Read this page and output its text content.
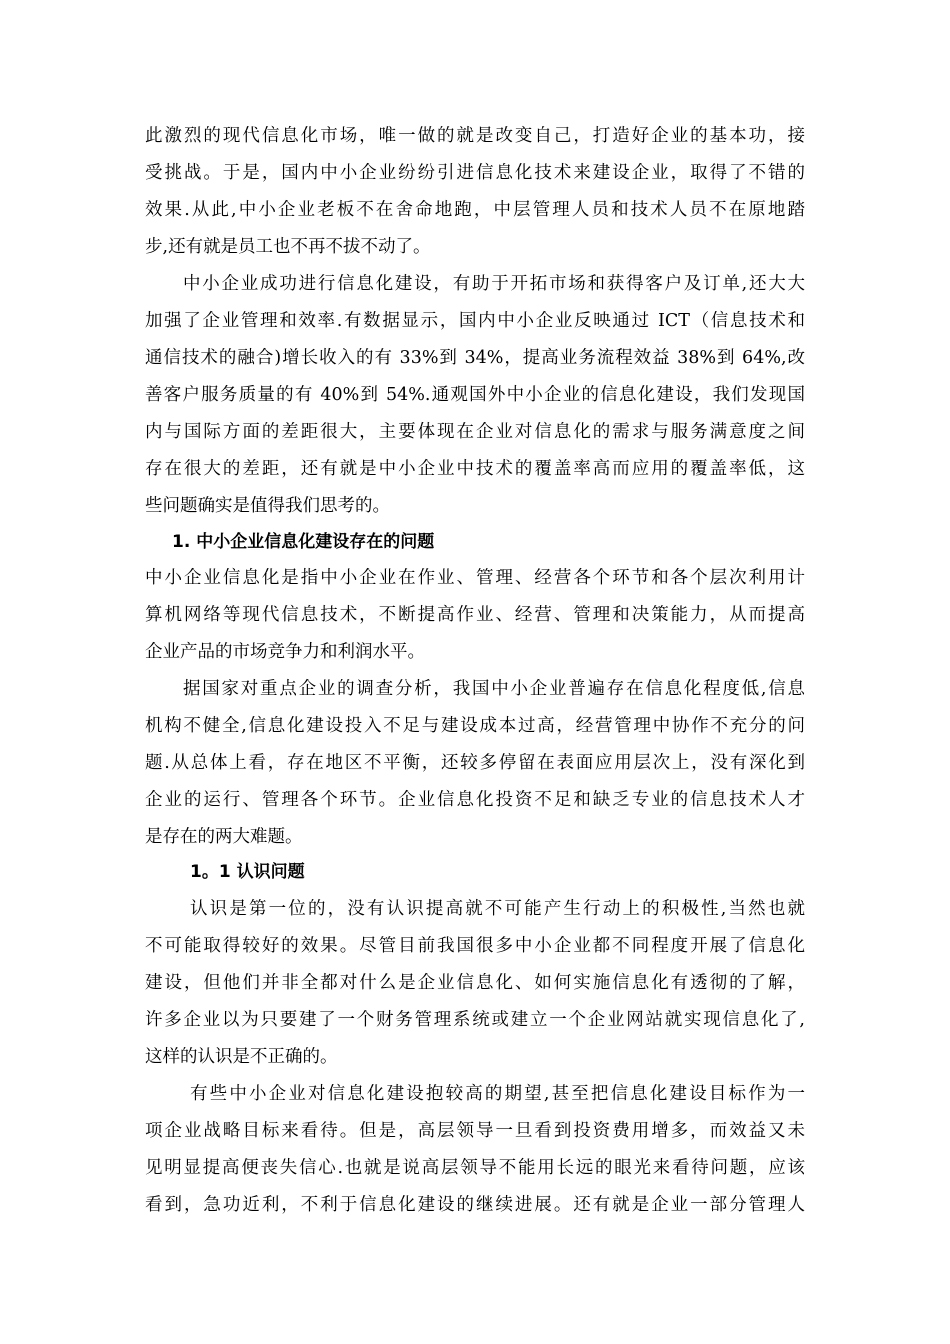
此激烈的现代信息化市场，唯一做的就是改变自己，打造好企业的基本功，接
受挑战。于是，国内中小企业纷纷引进信息化技术来建设企业，取得了不错的
效果.从此,中小企业老板不在舍命地跑，中层管理人员和技术人员不在原地踏
步,还有就是员工也不再不拔不动了。
中小企业成功进行信息化建设，有助于开拓市场和获得客户及订单,还大大
加强了企业管理和效率.有数据显示，国内中小企业反映通过 ICT（信息技术和
通信技术的融合)增长收入的有 33%到 34%，提高业务流程效益 38%到 64%,改
善客户服务质量的有 40%到 54%.通观国外中小企业的信息化建设，我们发现国
内与国际方面的差距很大，主要体现在企业对信息化的需求与服务满意度之间
存在很大的差距，还有就是中小企业中技术的覆盖率高而应用的覆盖率低，这
些问题确实是值得我们思考的。
1. 中小企业信息化建设存在的问题
中小企业信息化是指中小企业在作业、管理、经营各个环节和各个层次利用计
算机网络等现代信息技术，不断提高作业、经营、管理和决策能力，从而提高
企业产品的市场竞争力和利润水平。
据国家对重点企业的调查分析，我国中小企业普遍存在信息化程度低,信息
机构不健全,信息化建设投入不足与建设成本过高，经营管理中协作不充分的问
题.从总体上看，存在地区不平衡，还较多停留在表面应用层次上，没有深化到
企业的运行、管理各个环节。企业信息化投资不足和缺乏专业的信息技术人才
是存在的两大难题。
1。1 认识问题
认识是第一位的，没有认识提高就不可能产生行动上的积极性,当然也就
不可能取得较好的效果。尽管目前我国很多中小企业都不同程度开展了信息化
建设，但他们并非全都对什么是企业信息化、如何实施信息化有透彻的了解，
许多企业以为只要建了一个财务管理系统或建立一个企业网站就实现信息化了,
这样的认识是不正确的。
有些中小企业对信息化建设抱较高的期望,甚至把信息化建设目标作为一
项企业战略目标来看待。但是，高层领导一旦看到投资费用增多，而效益又未
见明显提高便丧失信心.也就是说高层领导不能用长远的眼光来看待问题，应该
看到，急功近利，不利于信息化建设的继续进展。还有就是企业一部分管理人
